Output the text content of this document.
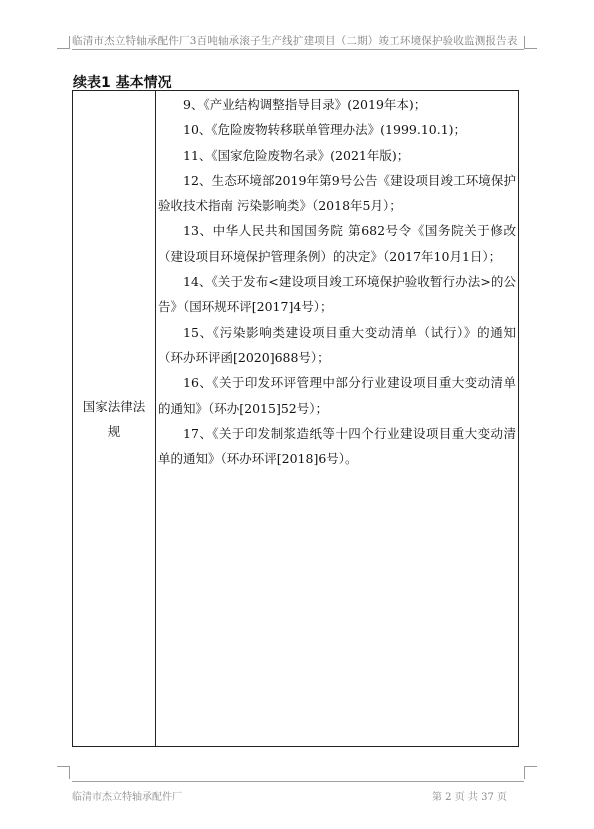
临清市杰立特轴承配件厂3百吨轴承滚子生产线扩建项目（二期）竣工环境保护验收监测报告表
续表1 基本情况
国家法律法规

9、《产业结构调整指导目录》(2019年本)；

10、《危险废物转移联单管理办法》(1999.10.1)；

11、《国家危险废物名录》(2021年版)；

12、生态环境部2019年第9号公告《建设项目竣工环境保护验收技术指南 污染影响类》（2018年5月）；

13、中华人民共和国国务院 第682号令《国务院关于修改（建设项目环境保护管理条例）的决定》（2017年10月1日）；

14、《关于发布<建设项目竣工环境保护验收暂行办法>的公告》（国环规环评[2017]4号）；

15、《污染影响类建设项目重大变动清单（试行）》的通知（环办环评函[2020]688号）；

16、《关于印发环评管理中部分行业建设项目重大变动清单的通知》（环办[2015]52号）；

17、《关于印发制浆造纸等十四个行业建设项目重大变动清单的通知》（环办环评[2018]6号）。

临清市杰立特轴承配件厂	第 2 页 共 37 页
